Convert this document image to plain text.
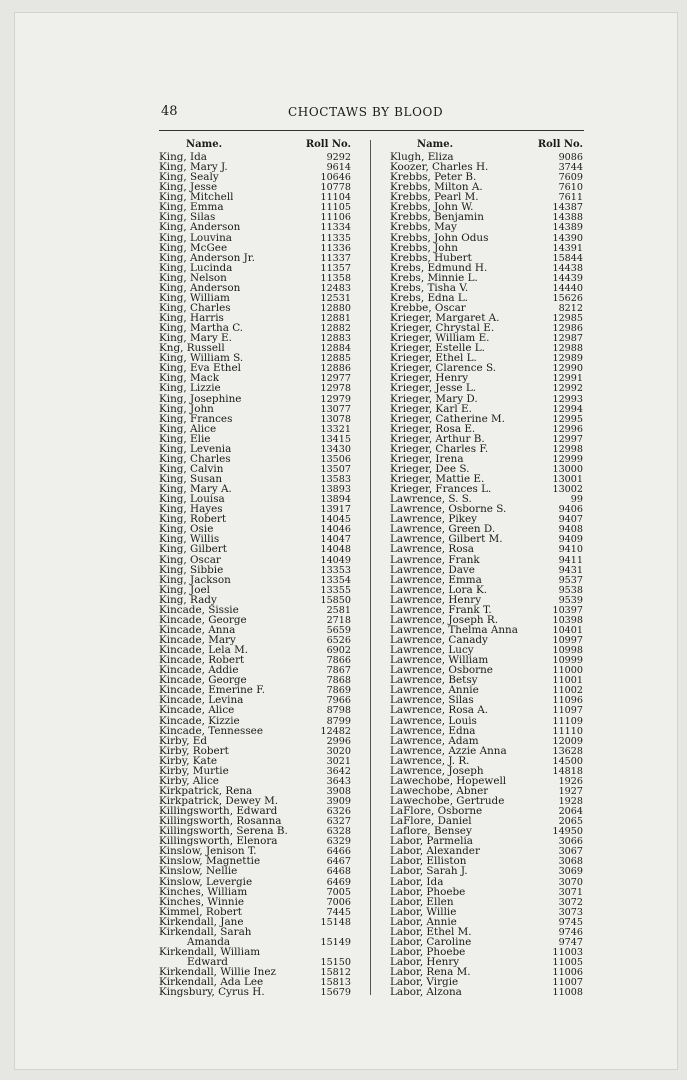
48	CHOCTAWS BY BLOOD
Name.	Roll No.
King, Ida	9292
King, Mary J.	9614
King, Sealy	10646
King, Jesse	10778
King, Mitchell	11104
King, Emma	11105
King, Silas	11106
King, Anderson	11334
King, Louvina	11335
King, McGee	11336
King, Anderson Jr.	11337
King, Lucinda	11357
King, Nelson	11358
King, Anderson	12483
King, William	12531
King, Charles	12880
King, Harris	12881
King, Martha C.	12882
King, Mary E.	12883
Kng, Russell	12884
King, William S.	12885
King, Eva Ethel	12886
King, Mack	12977
King, Lizzie	12978
King, Josephine	12979
King, John	13077
King, Frances	13078
King, Alice	13321
King, Elie	13415
King, Levenia	13430
King, Charles	13506
King, Calvin	13507
King, Susan	13583
King, Mary A.	13893
King, Louisa	13894
King, Hayes	13917
King, Robert	14045
King, Osie	14046
King, Willis	14047
King, Gilbert	14048
King, Oscar	14049
King, Sibbie	13353
King, Jackson	13354
King, Joel	13355
King, Rady	15850
Kincade, Sissie	2581
Kincade, George	2718
Kincade, Anna	5659
Kincade, Mary	6526
Kincade, Lela M.	6902
Kincade, Robert	7866
Kincade, Addie	7867
Kincade, George	7868
Kincade, Emerine F.	7869
Kincade, Levina	7966
Kincade, Alice	8798
Kincade, Kizzie	8799
Kincade, Tennessee	12482
Kirby, Ed	2996
Kirby, Robert	3020
Kirby, Kate	3021
Kirby, Murtie	3642
Kirby, Alice	3643
Kirkpatrick, Rena	3908
Kirkpatrick, Dewey M.	3909
Killingsworth, Edward	6326
Killingsworth, Rosanna	6327
Killingsworth, Serena B.	6328
Killingsworth, Elenora	6329
Kinslow, Jenison T.	6466
Kinslow, Magnettie	6467
Kinslow, Nellie	6468
Kinslow, Levergie	6469
Kinches, William	7005
Kinches, Winnie	7006
Kimmel, Robert	7445
Kirkendall, Jane	15148
Kirkendall, Sarah
Amanda	15149
Kirkendall, William
Edward	15150
Kirkendall, Willie Inez	15812
Kirkendall, Ada Lee	15813
Kingsbury, Cyrus H.	15679
Name.	Roll No.
Klugh, Eliza	9086
Koozer, Charles H.	3744
Krebbs, Peter B.	7609
Krebbs, Milton A.	7610
Krebbs, Pearl M.	7611
Krebbs, John W.	14387
Krebbs, Benjamin	14388
Krebbs, May	14389
Krebbs, John Odus	14390
Krebbs, John	14391
Krebbs, Hubert	15844
Krebs, Edmund H.	14438
Krebs, Minnie L.	14439
Krebs, Tisha V.	14440
Krebs, Edna L.	15626
Krebbe, Oscar	8212
Krieger, Margaret A.	12985
Krieger, Chrystal E.	12986
Krieger, William E.	12987
Krieger, Estelle L.	12988
Krieger, Ethel L.	12989
Krieger, Clarence S.	12990
Krieger, Henry	12991
Krieger, Jesse L.	12992
Krieger, Mary D.	12993
Krieger, Karl E.	12994
Krieger, Catherine M.	12995
Krieger, Rosa E.	12996
Krieger, Arthur B.	12997
Krieger, Charles F.	12998
Krieger, Irena	12999
Krieger, Dee S.	13000
Krieger, Mattie E.	13001
Krieger, Frances L.	13002
Lawrence, S. S.	99
Lawrence, Osborne S.	9406
Lawrence, Pikey	9407
Lawrence, Green D.	9408
Lawrence, Gilbert M.	9409
Lawrence, Rosa	9410
Lawrence, Frank	9411
Lawrence, Dave	9431
Lawrence, Emma	9537
Lawrence, Lora K.	9538
Lawrence, Henry	9539
Lawrence, Frank T.	10397
Lawrence, Joseph R.	10398
Lawrence, Thelma Anna	10401
Lawrence, Canady	10997
Lawrence, Lucy	10998
Lawrence, William	10999
Lawrence, Osborne	11000
Lawrence, Betsy	11001
Lawrence, Annie	11002
Lawrence, Silas	11096
Lawrence, Rosa A.	11097
Lawrence, Louis	11109
Lawrence, Edna	11110
Lawrence, Adam	12009
Lawrence, Azzie Anna	13628
Lawrence, J. R.	14500
Lawrence, Joseph	14818
Lawechobe, Hopewell	1926
Lawechobe, Abner	1927
Lawechobe, Gertrude	1928
LaFlore, Osborne	2064
LaFlore, Daniel	2065
Laflore, Bensey	14950
Labor, Parmelia	3066
Labor, Alexander	3067
Labor, Elliston	3068
Labor, Sarah J.	3069
Labor, Ida	3070
Labor, Phoebe	3071
Labor, Ellen	3072
Labor, Willie	3073
Labor, Annie	9745
Labor, Ethel M.	9746
Labor, Caroline	9747
Labor, Phoebe	11003
Labor, Henry	11005
Labor, Rena M.	11006
Labor, Virgie	11007
Labor, Alzona	11008
